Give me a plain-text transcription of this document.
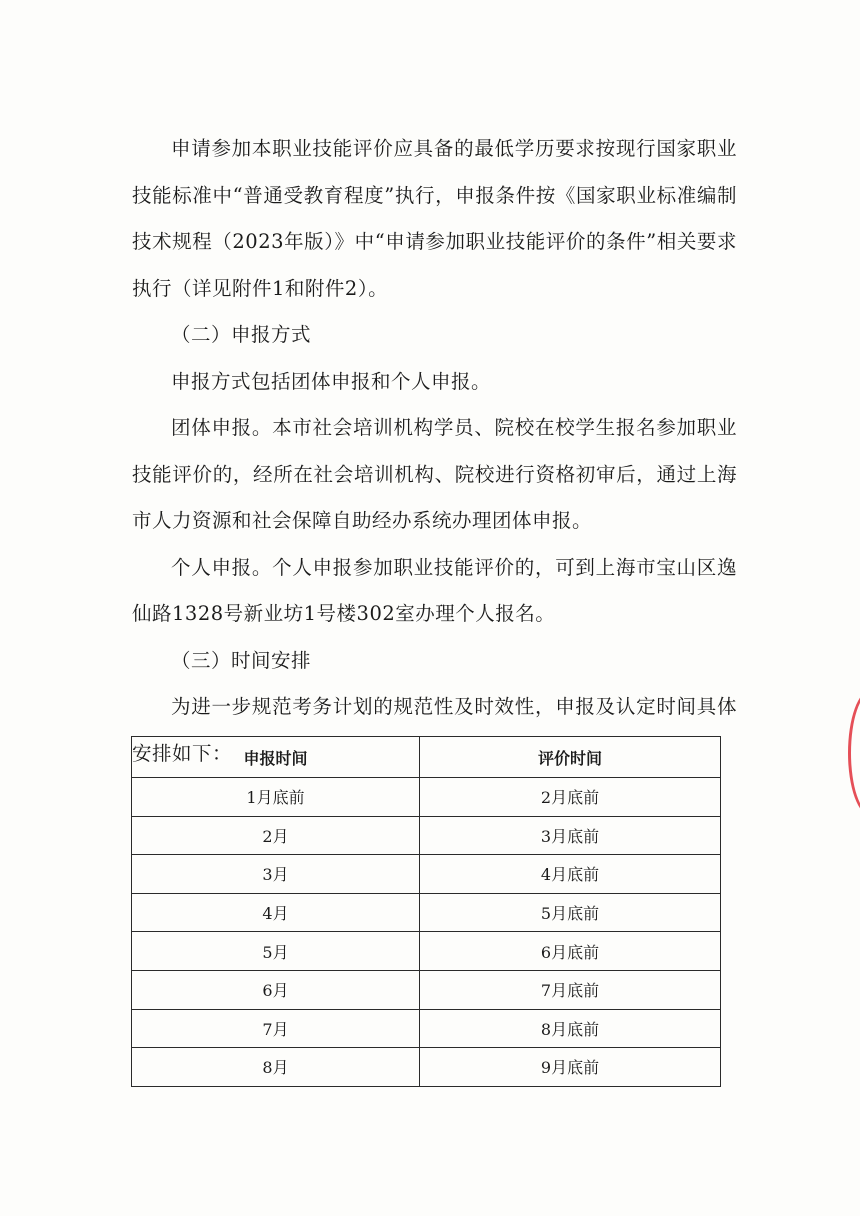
申请参加本职业技能评价应具备的最低学历要求按现行国家职业技能标准中“普通受教育程度”执行，申报条件按《国家职业标准编制技术规程（2023年版）》中“申请参加职业技能评价的条件”相关要求执行（详见附件1和附件2）。

（二）申报方式

申报方式包括团体申报和个人申报。

团体申报。本市社会培训机构学员、院校在校学生报名参加职业技能评价的，经所在社会培训机构、院校进行资格初审后，通过上海市人力资源和社会保障自助经办系统办理团体申报。

个人申报。个人申报参加职业技能评价的，可到上海市宝山区逸仙路1328号新业坊1号楼302室办理个人报名。

（三）时间安排

为进一步规范考务计划的规范性及时效性，申报及认定时间具体安排如下： 申报时间	评价时间
1月底前	2月底前
2月	3月底前
3月	4月底前
4月	5月底前
5月	6月底前
6月	7月底前
7月	8月底前
8月	9月底前
